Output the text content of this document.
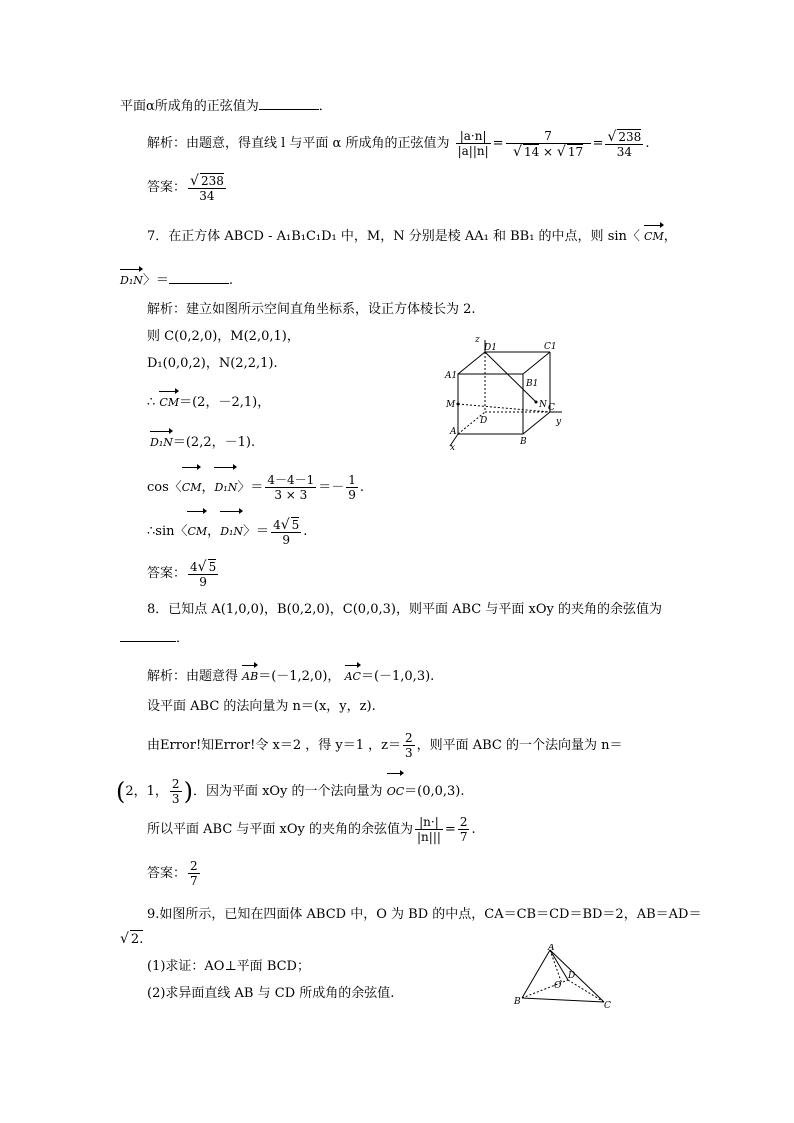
平面α所成角的正弦值为	．
解析：由题意，得直线 l 与平面 α 所成角的正弦值为 $\frac{|a\cdot n|}{|a||n|} = \frac{7}{√ 14 \times √ 17} = \frac{√ 238}{34}$ .
答案： $\frac{√ 238}{34}$
7．在正方体 ABCD - A₁B₁C₁D₁ 中，M，N 分别是棱 AA₁ 和 BB₁ 的中点，则 sin〈 CM，
D₁N〉＝	.
解析：建立如图所示空间直角坐标系，设正方体棱长为 2.
则 C(0,2,0)，M(2,0,1)，
D₁(0,0,2)，N(2,2,1).
∴ CM＝(2，－2,1)，
D₁N＝(2,2，－1).
cos〈CM，D₁N〉＝ $\frac{4-4-1}{3 \times 3} =- \frac{1}{9}$ .
∴sin〈CM，D₁N〉＝ $\frac{4√ 5}{9}$ .
答案： $\frac{4√ 5}{9}$
z
D1	C1
A1
B1
M	N C
D	y
A
B
x
8．已知点 A(1,0,0)，B(0,2,0)，C(0,0,3)，则平面 ABC 与平面 xOy 的夹角的余弦值为
．
解析：由题意得 AB＝(－1,2,0)， AC＝(－1,0,3).
设平面 ABC 的法向量为 n＝(x，y，z).
由Error!知Error!令 x＝2 ，得 y＝1 ，$z= \frac{2}{3}$ ，则平面 ABC 的一个法向量为 n＝
(2，1， $\frac{2}{3}$ )．因为平面 xOy 的一个法向量为 OC＝(0,0,3).
所以平面 ABC 与平面 xOy 的夹角的余弦值为 $\frac{|n\cdot|}{|n|||} = \frac{2}{7}$ .
答案： $\frac{2}{7}$
9.如图所示，已知在四面体 ABCD 中，O 为 BD 的中点，CA＝CB＝CD＝BD＝2，AB＝AD＝
√ 2.
(1)求证：AO⊥平面 BCD；
(2)求异面直线 AB 与 CD 所成角的余弦值.
A
D
O
B	C
